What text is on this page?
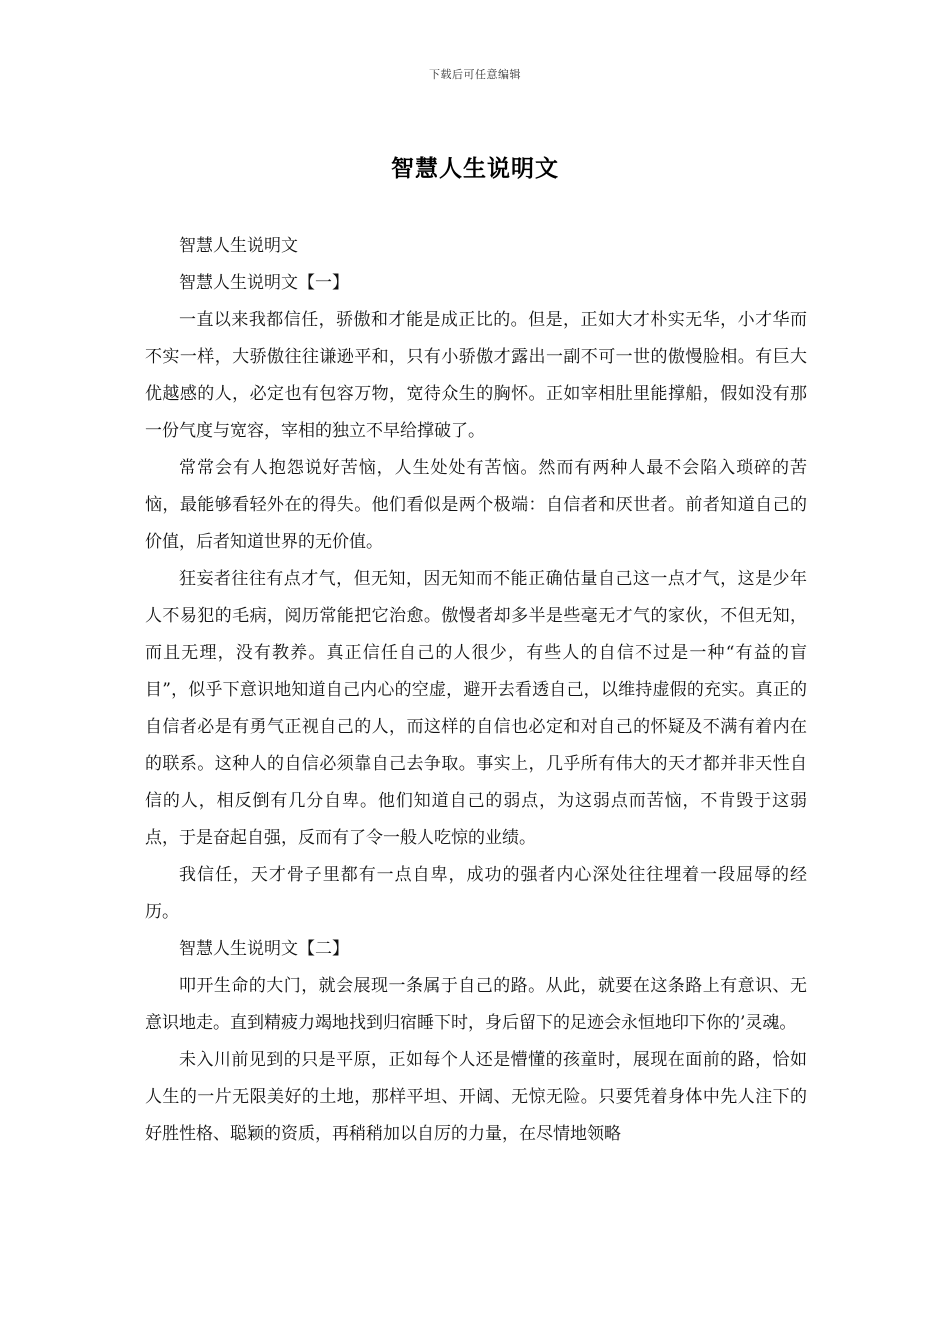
下载后可任意编辑
智慧人生说明文

智慧人生说明文

智慧人生说明文【一】

一直以来我都信任，骄傲和才能是成正比的。但是，正如大才朴实无华，小才华而不实一样，大骄傲往往谦逊平和，只有小骄傲才露出一副不可一世的傲慢脸相。有巨大优越感的人，必定也有包容万物，宽待众生的胸怀。正如宰相肚里能撑船，假如没有那一份气度与宽容，宰相的独立不早给撑破了。

常常会有人抱怨说好苦恼，人生处处有苦恼。然而有两种人最不会陷入琐碎的苦恼，最能够看轻外在的得失。他们看似是两个极端：自信者和厌世者。前者知道自己的价值，后者知道世界的无价值。

狂妄者往往有点才气，但无知，因无知而不能正确估量自己这一点才气，这是少年人不易犯的毛病，阅历常能把它治愈。傲慢者却多半是些毫无才气的家伙，不但无知，而且无理，没有教养。真正信任自己的人很少，有些人的自信不过是一种“有益的盲目”，似乎下意识地知道自己内心的空虚，避开去看透自己，以维持虚假的充实。真正的自信者必是有勇气正视自己的人，而这样的自信也必定和对自己的怀疑及不满有着内在的联系。这种人的自信必须靠自己去争取。事实上，几乎所有伟大的天才都并非天性自信的人，相反倒有几分自卑。他们知道自己的弱点，为这弱点而苦恼，不肯毁于这弱点，于是奋起自强，反而有了令一般人吃惊的业绩。

我信任，天才骨子里都有一点自卑，成功的强者内心深处往往埋着一段屈辱的经历。

智慧人生说明文【二】

叩开生命的大门，就会展现一条属于自己的路。从此，就要在这条路上有意识、无意识地走。直到精疲力竭地找到归宿睡下时，身后留下的足迹会永恒地印下你的’灵魂。

未入川前见到的只是平原，正如每个人还是懵懂的孩童时，展现在面前的路，恰如人生的一片无限美好的土地，那样平坦、开阔、无惊无险。只要凭着身体中先人注下的好胜性格、聪颖的资质，再稍稍加以自厉的力量，在尽情地领略
